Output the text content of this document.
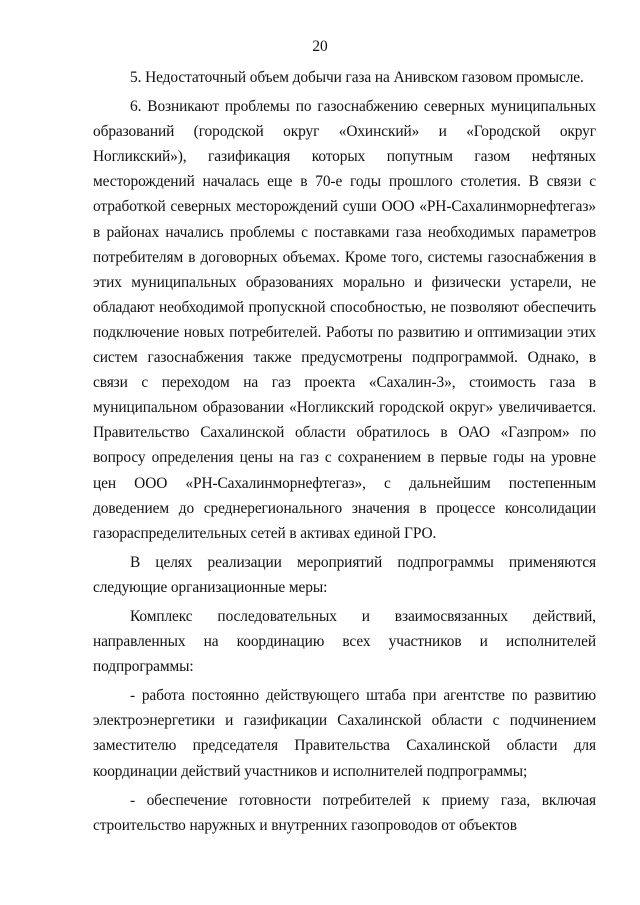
20

5. Недостаточный объем добычи газа на Анивском газовом промысле.

6. Возникают проблемы по газоснабжению северных муниципальных образований (городской округ «Охинский» и «Городской округ Ногликский»), газификация которых попутным газом нефтяных месторождений началась еще в 70-е годы прошлого столетия. В связи с отработкой северных месторождений суши ООО «РН-Сахалинморнефтегаз» в районах начались проблемы с поставками газа необходимых параметров потребителям в договорных объемах. Кроме того, системы газоснабжения в этих муниципальных образованиях морально и физически устарели, не обладают необходимой пропускной способностью, не позволяют обеспечить подключение новых потребителей. Работы по развитию и оптимизации этих систем газоснабжения также предусмотрены подпрограммой. Однако, в связи с переходом на газ проекта «Сахалин-3», стоимость газа в муниципальном образовании «Ногликский городской округ» увеличивается. Правительство Сахалинской области обратилось в ОАО «Газпром» по вопросу определения цены на газ с сохранением в первые годы на уровне цен ООО «РН-Сахалинморнефтегаз», с дальнейшим постепенным доведением до среднерегионального значения в процессе консолидации газораспределительных сетей в активах единой ГРО.

В целях реализации мероприятий подпрограммы применяются следующие организационные меры:

Комплекс последовательных и взаимосвязанных действий, направленных на координацию всех участников и исполнителей подпрограммы:

- работа постоянно действующего штаба при агентстве по развитию электроэнергетики и газификации Сахалинской области с подчинением заместителю председателя Правительства Сахалинской области для координации действий участников и исполнителей подпрограммы;

- обеспечение готовности потребителей к приему газа, включая строительство наружных и внутренних газопроводов от объектов
